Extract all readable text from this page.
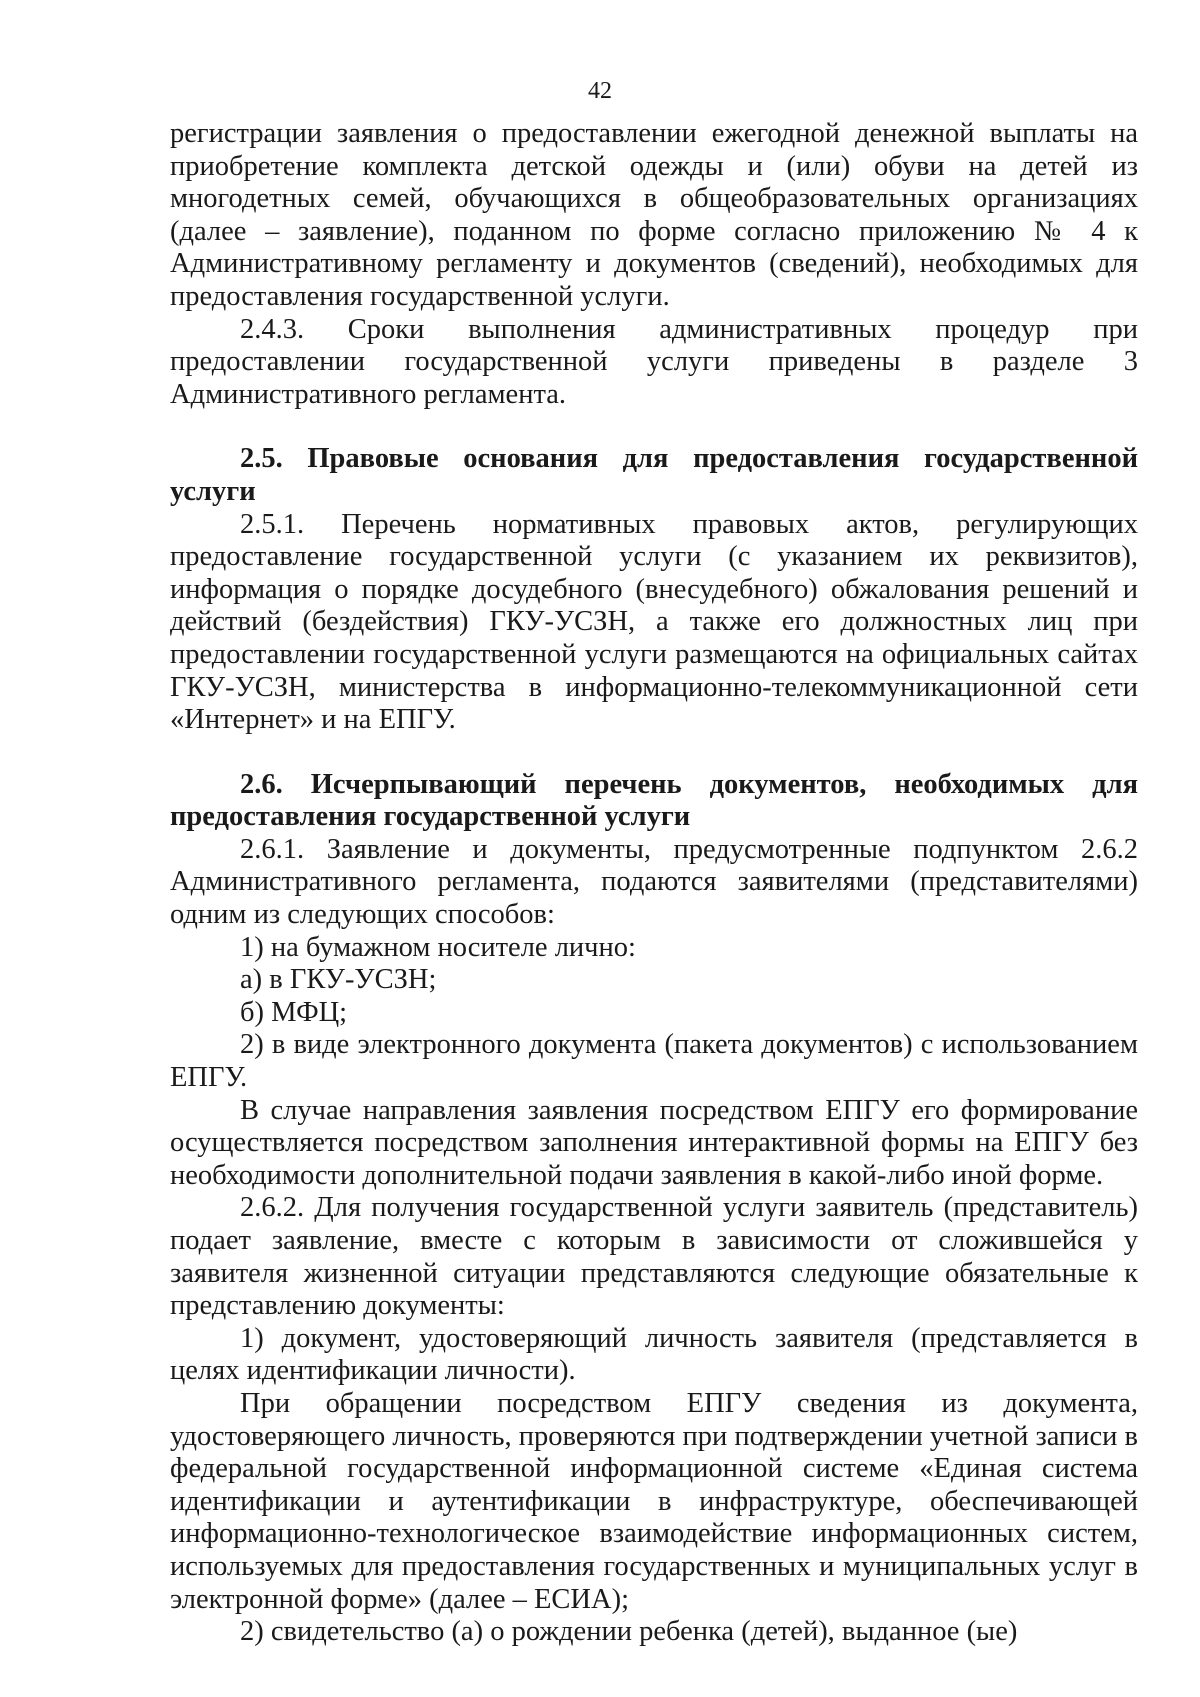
42

регистрации заявления о предоставлении ежегодной денежной выплаты на приобретение комплекта детской одежды и (или) обуви на детей из многодетных семей, обучающихся в общеобразовательных организациях (далее – заявление), поданном по форме согласно приложению № 4 к Административному регламенту и документов (сведений), необходимых для предоставления государственной услуги.

2.4.3. Сроки выполнения административных процедур при предоставлении государственной услуги приведены в разделе 3 Административного регламента.

2.5. Правовые основания для предоставления государственной услуги

2.5.1. Перечень нормативных правовых актов, регулирующих предоставление государственной услуги (с указанием их реквизитов), информация о порядке досудебного (внесудебного) обжалования решений и действий (бездействия) ГКУ-УСЗН, а также его должностных лиц при предоставлении государственной услуги размещаются на официальных сайтах ГКУ-УСЗН, министерства в информационно-телекоммуникационной сети «Интернет» и на ЕПГУ.

2.6. Исчерпывающий перечень документов, необходимых для предоставления государственной услуги

2.6.1. Заявление и документы, предусмотренные подпунктом 2.6.2 Административного регламента, подаются заявителями (представителями) одним из следующих способов:

1) на бумажном носителе лично:

а) в ГКУ-УСЗН;

б) МФЦ;

2) в виде электронного документа (пакета документов) с использованием ЕПГУ.

В случае направления заявления посредством ЕПГУ его формирование осуществляется посредством заполнения интерактивной формы на ЕПГУ без необходимости дополнительной подачи заявления в какой-либо иной форме.

2.6.2. Для получения государственной услуги заявитель (представитель) подает заявление, вместе с которым в зависимости от сложившейся у заявителя жизненной ситуации представляются следующие обязательные к представлению документы:

1) документ, удостоверяющий личность заявителя (представляется в целях идентификации личности).

При обращении посредством ЕПГУ сведения из документа, удостоверяющего личность, проверяются при подтверждении учетной записи в федеральной государственной информационной системе «Единая система идентификации и аутентификации в инфраструктуре, обеспечивающей информационно-технологическое взаимодействие информационных систем, используемых для предоставления государственных и муниципальных услуг в электронной форме» (далее – ЕСИА);

2) свидетельство (а) о рождении ребенка (детей), выданное (ые)
